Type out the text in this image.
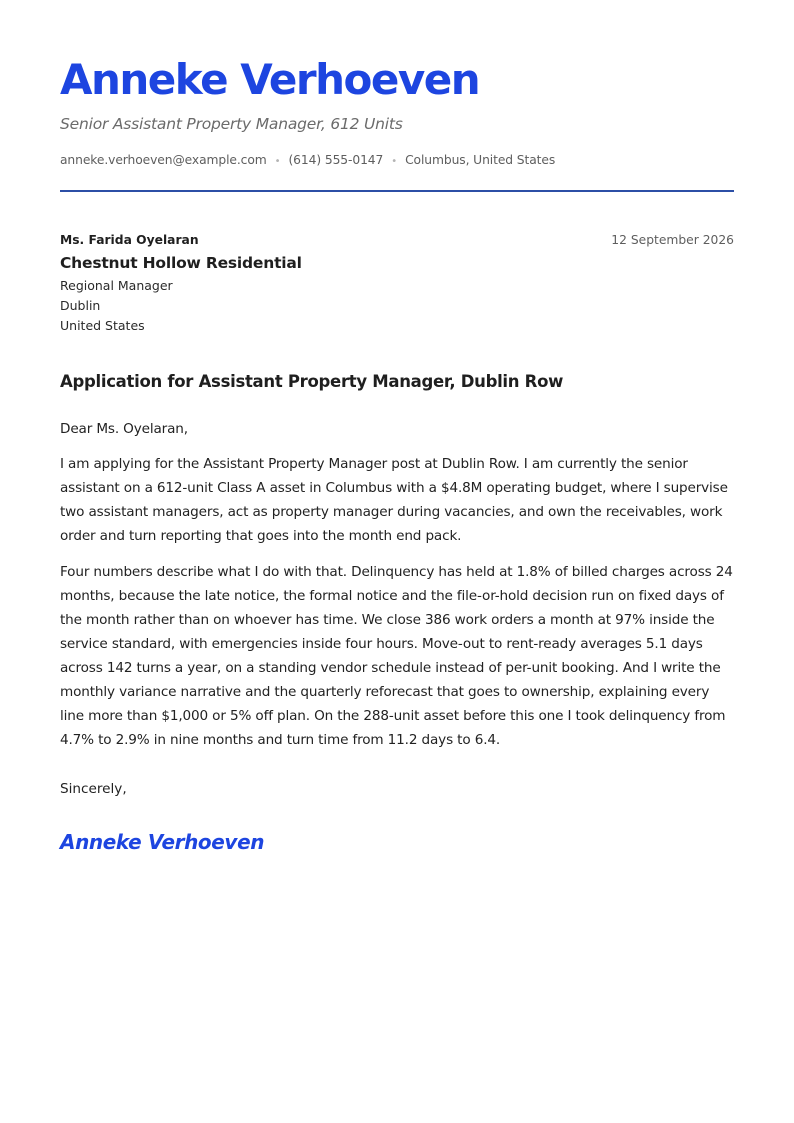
Anneke Verhoeven
Senior Assistant Property Manager, 612 Units
anneke.verhoeven@example.com • (614) 555-0147 • Columbus, United States
Ms. Farida Oyelaran	12 September 2026
Chestnut Hollow Residential
Regional Manager
Dublin
United States
Application for Assistant Property Manager, Dublin Row

Dear Ms. Oyelaran,

I am applying for the Assistant Property Manager post at Dublin Row. I am currently the senior assistant on a 612-unit Class A asset in Columbus with a $4.8M operating budget, where I supervise two assistant managers, act as property manager during vacancies, and own the receivables, work order and turn reporting that goes into the month end pack.

Four numbers describe what I do with that. Delinquency has held at 1.8% of billed charges across 24 months, because the late notice, the formal notice and the file-or-hold decision run on fixed days of the month rather than on whoever has time. We close 386 work orders a month at 97% inside the service standard, with emergencies inside four hours. Move-out to rent-ready averages 5.1 days across 142 turns a year, on a standing vendor schedule instead of per-unit booking. And I write the monthly variance narrative and the quarterly reforecast that goes to ownership, explaining every line more than $1,000 or 5% off plan. On the 288-unit asset before this one I took delinquency from 4.7% to 2.9% in nine months and turn time from 11.2 days to 6.4.

Sincerely,
Anneke Verhoeven
